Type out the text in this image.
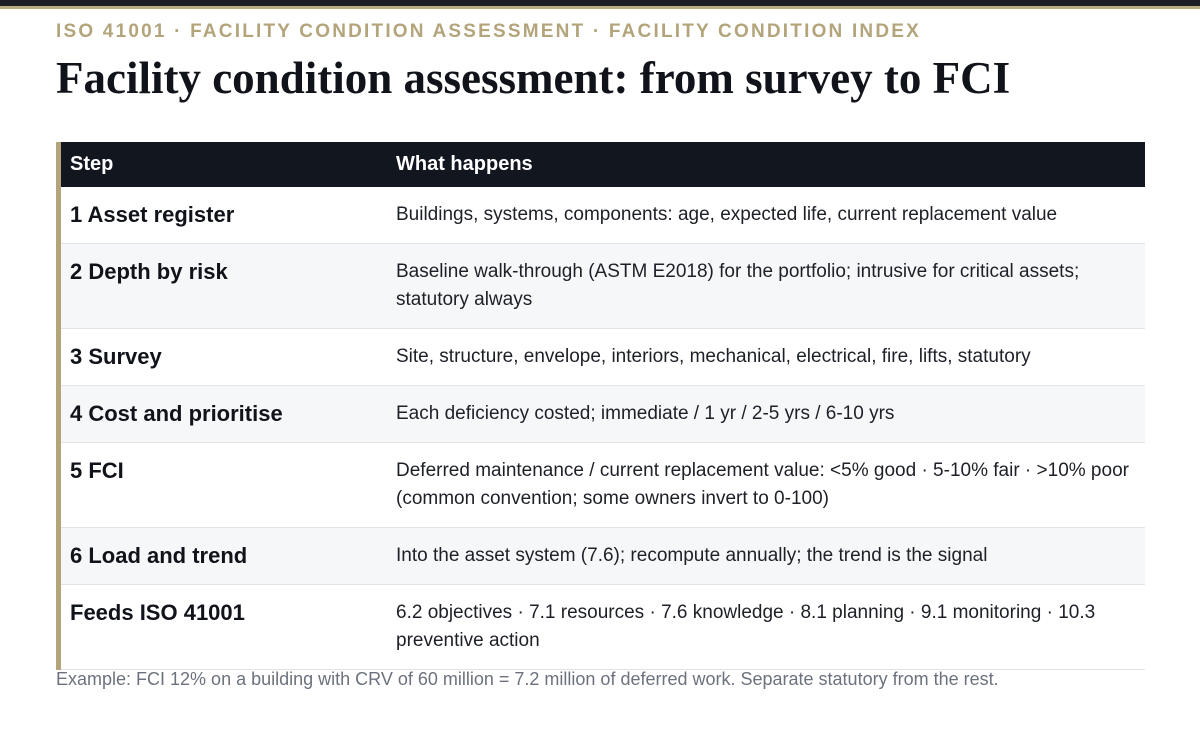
ISO 41001 · FACILITY CONDITION ASSESSMENT · FACILITY CONDITION INDEX
Facility condition assessment: from survey to FCI
Step	What happens
1 Asset register	Buildings, systems, components: age, expected life, current replacement value
2 Depth by risk	Baseline walk-through (ASTM E2018) for the portfolio; intrusive for critical assets; statutory always
3 Survey	Site, structure, envelope, interiors, mechanical, electrical, fire, lifts, statutory
4 Cost and prioritise	Each deficiency costed; immediate / 1 yr / 2-5 yrs / 6-10 yrs
5 FCI	Deferred maintenance / current replacement value: <5% good · 5-10% fair · >10% poor (common convention; some owners invert to 0-100)
6 Load and trend	Into the asset system (7.6); recompute annually; the trend is the signal
Feeds ISO 41001	6.2 objectives · 7.1 resources · 7.6 knowledge · 8.1 planning · 9.1 monitoring · 10.3 preventive action
Example: FCI 12% on a building with CRV of 60 million = 7.2 million of deferred work. Separate statutory from the rest.
